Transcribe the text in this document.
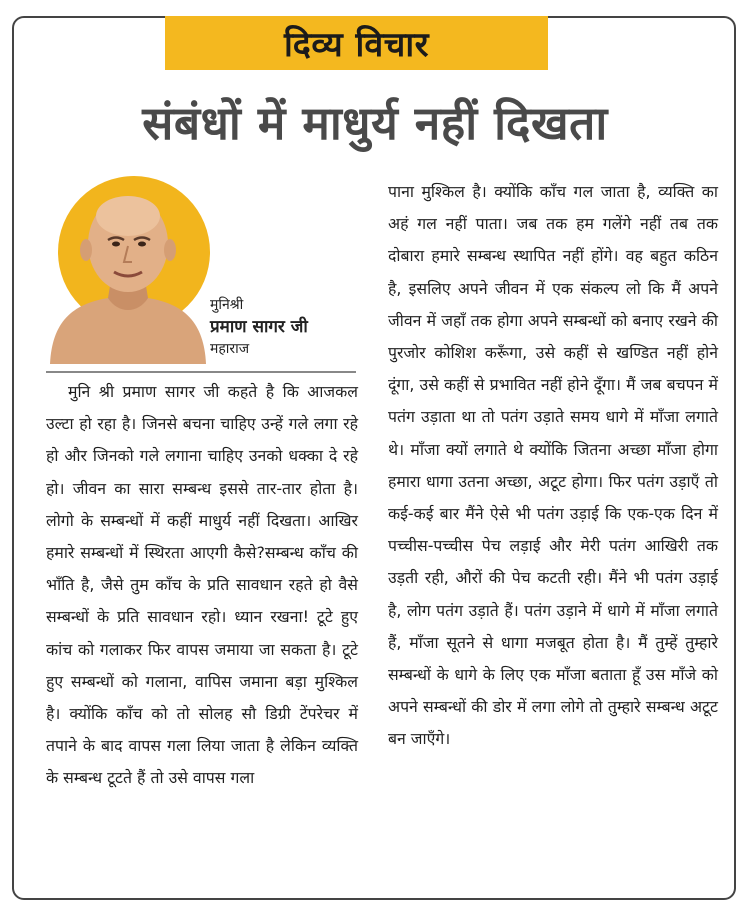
दिव्य विचार
संबंधों में माधुर्य नहीं दिखता
मुनिश्री
प्रमाण सागर जी
महाराज

मुनि श्री प्रमाण सागर जी कहते है कि आजकल उल्टा हो रहा है। जिनसे बचना चाहिए उन्हें गले लगा रहे हो और जिनको गले लगाना चाहिए उनको धक्का दे रहे हो। जीवन का सारा सम्बन्ध इससे तार-तार होता है। लोगो के सम्बन्धों में कहीं माधुर्य नहीं दिखता। आखिर हमारे सम्बन्धों में स्थिरता आएगी कैसे?सम्बन्ध काँच की भाँति है, जैसे तुम काँच के प्रति सावधान रहते हो वैसे सम्बन्धों के प्रति सावधान रहो। ध्यान रखना! टूटे हुए कांच को गलाकर फिर वापस जमाया जा सकता है। टूटे हुए सम्बन्धों को गलाना, वापिस जमाना बड़ा मुश्किल है। क्योंकि काँच को तो सोलह सौ डिग्री टेंपरेचर में तपाने के बाद वापस गला लिया जाता है लेकिन व्यक्ति के सम्बन्ध टूटते हैं तो उसे वापस गला

पाना मुश्किल है। क्योंकि काँच गल जाता है, व्यक्ति का अहं गल नहीं पाता। जब तक हम गलेंगे नहीं तब तक दोबारा हमारे सम्बन्ध स्थापित नहीं होंगे। वह बहुत कठिन है, इसलिए अपने जीवन में एक संकल्प लो कि मैं अपने जीवन में जहाँ तक होगा अपने सम्बन्धों को बनाए रखने की पुरजोर कोशिश करूँगा, उसे कहीं से खण्डित नहीं होने दूंगा, उसे कहीं से प्रभावित नहीं होने दूँगा। मैं जब बचपन में पतंग उड़ाता था तो पतंग उड़ाते समय धागे में माँजा लगाते थे। माँजा क्यों लगाते थे क्योंकि जितना अच्छा माँजा होगा हमारा धागा उतना अच्छा, अटूट होगा। फिर पतंग उड़ाएँ तो कई-कई बार मैंने ऐसे भी पतंग उड़ाई कि एक-एक दिन में पच्चीस-पच्चीस पेच लड़ाई और मेरी पतंग आखिरी तक उड़ती रही, औरों की पेच कटती रही। मैंने भी पतंग उड़ाई है, लोग पतंग उड़ाते हैं। पतंग उड़ाने में धागे में माँजा लगाते हैं, माँजा सूतने से धागा मजबूत होता है। मैं तुम्हें तुम्हारे सम्बन्धों के धागे के लिए एक माँजा बताता हूँ उस माँजे को अपने सम्बन्धों की डोर में लगा लोगे तो तुम्हारे सम्बन्ध अटूट बन जाएँगे।
